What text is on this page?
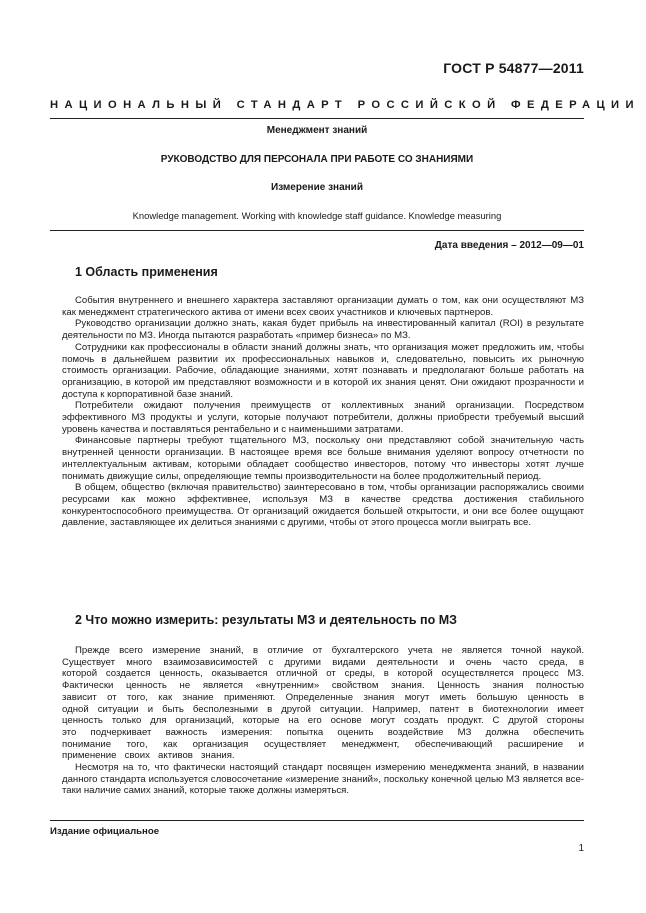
ГОСТ Р 54877—2011
НАЦИОНАЛЬНЫЙ СТАНДАРТ РОССИЙСКОЙ ФЕДЕРАЦИИ
Менеджмент знаний
РУКОВОДСТВО ДЛЯ ПЕРСОНАЛА ПРИ РАБОТЕ СО ЗНАНИЯМИ
Измерение знаний
Knowledge management. Working with knowledge staff guidance. Knowledge measuring
Дата введения – 2012—09—01
1 Область применения

События внутреннего и внешнего характера заставляют организации думать о том, как они осуществляют МЗ как менеджмент стратегического актива от имени всех своих участников и ключевых партнеров.

Руководство организации должно знать, какая будет прибыль на инвестированный капитал (ROI) в результате деятельности по МЗ. Иногда пытаются разработать «пример бизнеса» по МЗ.

Сотрудники как профессионалы в области знаний должны знать, что организация может предложить им, чтобы помочь в дальнейшем развитии их профессиональных навыков и, следовательно, повысить их рыночную стоимость организации. Рабочие, обладающие знаниями, хотят познавать и предполагают больше работать на организацию, в которой им представляют возможности и в которой их знания ценят. Они ожидают прозрачности и доступа к корпоративной базе знаний.

Потребители ожидают получения преимуществ от коллективных знаний организации. Посредством эффективного МЗ продукты и услуги, которые получают потребители, должны приобрести требуемый высший уровень качества и поставляться рентабельно и с наименьшими затратами.

Финансовые партнеры требуют тщательного МЗ, поскольку они представляют собой значительную часть внутренней ценности организации. В настоящее время все больше внимания уделяют вопросу отчетности по интеллектуальным активам, которыми обладает сообщество инвесторов, потому что инвесторы хотят лучше понимать движущие силы, определяющие темпы производительности на более продолжительный период.

В общем, общество (включая правительство) заинтересовано в том, чтобы организации распоряжались своими ресурсами как можно эффективнее, используя МЗ в качестве средства достижения стабильного конкурентоспособного преимущества. От организаций ожидается большей открытости, и они все более ощущают давление, заставляющее их делиться знаниями с другими, чтобы от этого процесса могли выиграть все.

2 Что можно измерить: результаты МЗ и деятельность по МЗ

Прежде всего измерение знаний, в отличие от бухгалтерского учета не является точной наукой. Существует много взаимозависимостей с другими видами деятельности и очень часто среда, в которой создается ценность, оказывается отличной от среды, в которой осуществляется процесс МЗ. Фактически ценность не является «внутренним» свойством знания. Ценность знания полностью зависит от того, как знание применяют. Определенные знания могут иметь большую ценность в одной ситуации и быть бесполезными в другой ситуации. Например, патент в биотехнологии имеет ценность только для организаций, которые на его основе могут создать продукт. С другой стороны это подчеркивает важность измерения: попытка оценить воздействие МЗ должна обеспечить понимание того, как организация осуществляет менеджмент, обеспечивающий расширение и применение своих активов знания.

Несмотря на то, что фактически настоящий стандарт посвящен измерению менеджмента знаний, в названии данного стандарта используется словосочетание «измерение знаний», поскольку конечной целью МЗ является все-таки наличие самих знаний, которые также должны измеряться.

Издание официальное
1
